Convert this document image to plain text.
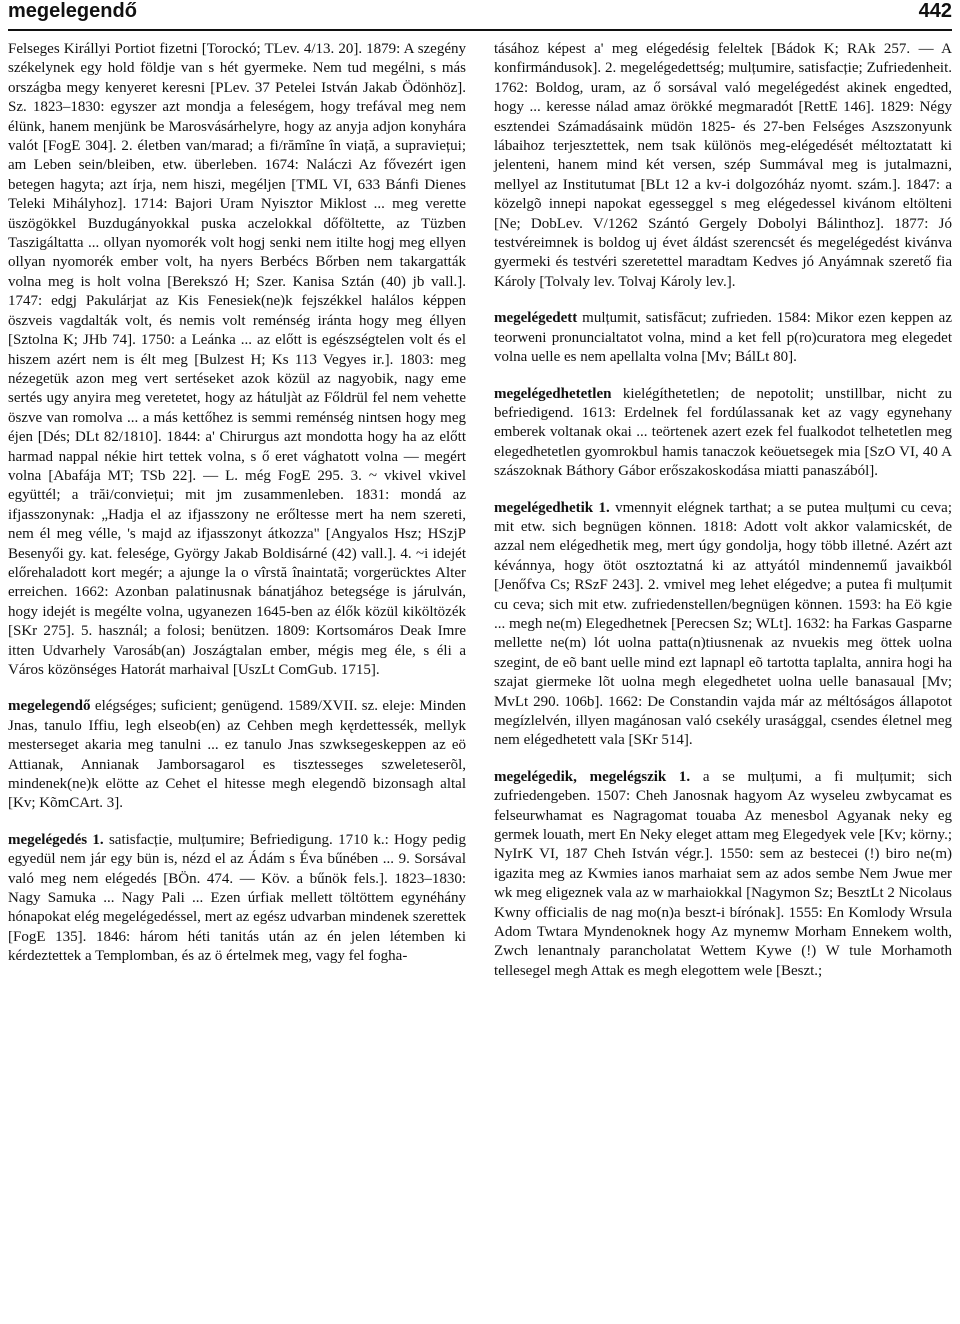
megelegendő	442

Felseges Királlyi Portiot fizetni [Torockó; TLev. 4/13. 20]. 1879: A szegény székelynek egy hold földje van s hét gyermeke. Nem tud megélni, s más országba megy kenyeret keresni [PLev. 37 Petelei István Jakab Ödönhöz]. Sz. 1823–1830: egyszer azt mondja a feleségem, hogy trefával meg nem élünk, hanem menjünk be Marosvásárhelyre, hogy az anyja adjon konyhára valót [FogE 304]. 2. életben van/marad; a fi/rămîne în viață, a supraviețui; am Leben sein/bleiben, etw. überleben. 1674: Naláczi Az fővezért igen betegen hagyta; azt írja, nem hiszi, megéljen [TML VI, 633 Bánfi Dienes Teleki Mihályhoz]. 1714: Bajori Uram Nyisztor Miklost ... meg verette üszögökkel Buzdugányokkal puska aczelokkal dőföltette, az Tüzben Taszigáltatta ... ollyan nyomorék volt hogj senki nem itilte hogj meg ellyen ollyan nyomorék ember volt, ha nyers Berbécs Bőrben nem takargatták volna meg is holt volna [Berekszó H; Szer. Kanisa Sztán (40) jb vall.]. 1747: edgj Pakulárjat az Kis Fenesiek(ne)k fejszékkel halálos képpen öszveis vagdalták volt, és nemis volt reménség iránta hogy meg éllyen [Sztolna K; JHb 74]. 1750: a Leánka ... az előtt is egészségtelen volt és el hiszem azért nem is élt meg [Bulzest H; Ks 113 Vegyes ir.]. 1803: meg nézegetük azon meg vert sertéseket azok közül az nagyobik, nagy eme sertés ugy anyira meg veretetet, hogy az hátuljàt az Főldrül fel nem vehette öszve van romolva ... a más kettőhez is semmi reménség nintsen hogy meg éjen [Dés; DLt 82/1810]. 1844: a' Chirurgus azt mondotta hogy ha az előtt harmad nappal nékie hirt tettek volna, s ő eret vághatott volna — megért volna [Abafája MT; TSb 22]. — L. még FogE 295. 3. ~ vkivel vkivel együttél; a trăi/conviețui; mit jm zusammenleben. 1831: mondá az ifjasszonynak: „Hadja el az ifjasszony ne erőltesse mert ha nem szereti, nem él meg vélle, 's majd az ifjasszonyt átkozza" [Angyalos Hsz; HSzjP Besenyői gy. kat. felesége, György Jakab Boldisárné (42) vall.]. 4. ~i idejét előrehaladott kort megér; a ajunge la o vîrstă înaintată; vorgerücktes Alter erreichen. 1662: Azonban palatinusnak bánatjához betegsége is járulván, hogy idejét is megélte volna, ugyanezen 1645-ben az élők közül kiköltözék [SKr 275]. 5. használ; a folosi; benützen. 1809: Kortsomáros Deak Imre itten Udvarhely Varosáb(an) Joszágtalan ember, mégis meg éle, s éli a Város közönséges Hatorát marhaival [UszLt ComGub. 1715].

megelegendő elégséges; suficient; genügend. 1589/XVII. sz. eleje: Minden Jnas, tanulo Iffiu, legh elseob(en) az Cehben megh kęrdettessék, mellyk mesterseget akaria meg tanulni ... ez tanulo Jnas szwksegeskeppen az eö Attianak, Annianak Jamborsagarol es tisztesseges szweleteserõl, mindenek(ne)k elötte az Cehet el hitesse megh elegendõ bizonsagh altal [Kv; KõmCArt. 3].

megelégedés 1. satisfacție, mulțumire; Befriedigung. 1710 k.: Hogy pedig egyedül nem jár egy bün is, nézd el az Ádám s Éva bűnében ... 9. Sorsával való meg nem elégedés [BÖn. 474. — Köv. a bűnök fels.]. 1823–1830: Nagy Samuka ... Nagy Pali ... Ezen úrfiak mellett töltöttem egynéhány hónapokat elég megelégedéssel, mert az egész udvarban mindenek szerettek [FogE 135]. 1846: három héti tanitás után az én jelen létemben ki kérdeztettek a Templomban, és az ö értelmek meg, vagy fel fogha-

tásához képest a' meg elégedésig feleltek [Bádok K; RAk 257. — A konfirmándusok]. 2. megelégedettség; mulțumire, satisfacție; Zufriedenheit. 1762: Boldog, uram, az ő sorsával való megelégedést akinek engedted, hogy ... keresse nálad amaz örökké megmaradót [RettE 146]. 1829: Négy esztendei Számadásaink müdön 1825- és 27-ben Felséges Aszszonyunk lábaihoz terjesztettek, nem tsak különös meg-elégedését méltoztatatt ki jelenteni, hanem mind két versen, szép Summával meg is jutalmazni, mellyel az Institutumat [BLt 12 a kv-i dolgozóház nyomt. szám.]. 1847: a közelgõ innepi napokat egesseggel s meg elégedessel kivánom eltölteni [Ne; DobLev. V/1262 Szántó Gergely Dobolyi Bálinthoz]. 1877: Jó testvéreimnek is boldog uj évet áldást szerencsét és megelégedést kivánva gyermeki és testvéri szeretettel maradtam Kedves jó Anyámnak szerető fia Károly [Tolvaly lev. Tolvaj Károly lev.].

megelégedett mulțumit, satisfăcut; zufrieden. 1584: Mikor ezen keppen az teorweni pronuncialtatot volna, mind a ket fell p(ro)curatora meg elegedet volna uelle es nem apellalta volna [Mv; BálLt 80].

megelégedhetetlen kielégíthetetlen; de nepotolit; unstillbar, nicht zu befriedigend. 1613: Erdelnek fel fordúlassanak ket az vagy egynehany emberek voltanak okai ... teörtenek azert ezek fel fualkodot telhetetlen meg elegedhetetlen gyomrokbul hamis tanaczok keöuetsegek mia [SzO VI, 40 A szászoknak Báthory Gábor erőszakoskodása miatti panaszából].

megelégedhetik 1. vmennyit elégnek tarthat; a se putea mulțumi cu ceva; mit etw. sich begnügen können. 1818: Adott volt akkor valamicskét, de azzal nem elégedhetik meg, mert úgy gondolja, hogy több illetné. Azért azt kévánnya, hogy ötöt osztoztatná ki az attyától mindennemű javaikból [Jenőfva Cs; RSzF 243]. 2. vmivel meg lehet elégedve; a putea fi mulțumit cu ceva; sich mit etw. zufriedenstellen/begnügen können. 1593: ha Eö kgie ... megh ne(m) Elegedhetnek [Perecsen Sz; WLt]. 1632: ha Farkas Gasparne mellette ne(m) lót uolna patta(n)tiusnenak az nvuekis meg öttek uolna szegint, de eõ bant uelle mind ezt lapnapl eõ tartotta taplalta, annira hogi ha szajat giermeke lõt uolna megh elegedhetet uolna uelle banasaual [Mv; MvLt 290. 106b]. 1662: De Constandin vajda már az méltóságos állapotot megízlelvén, illyen magánosan való csekély urasággal, csendes életnel meg nem elégedhetett vala [SKr 514].

megelégedik, megelégszik 1. a se mulțumi, a fi mulțumit; sich zufriedengeben. 1507: Cheh Janosnak hagyom Az wyseleu zwbycamat es felseurwhamat es Nagragomat touaba Az menesbol Agyanak neky eg germek louath, mert En Neky eleget attam meg Elegedyek vele [Kv; körny.; NyIrK VI, 187 Cheh István végr.]. 1550: sem az bestecei (!) biro ne(m) igazita meg az Kwmies ianos marhaiat sem az ados sembe Nem Jwue mer wk meg eligeznek vala az w marhaiokkal [Nagymon Sz; BesztLt 2 Nicolaus Kwny officialis de nag mo(n)a beszt-i bírónak]. 1555: En Komlody Wrsula Adom Twtara Myndenoknek hogy Az mynemw Morham Ennekem wolth, Zwch lenantnaly parancholatat Wettem Kywe (!) W tule Morhamoth tellesegel megh Attak es megh elegottem wele [Beszt.;
